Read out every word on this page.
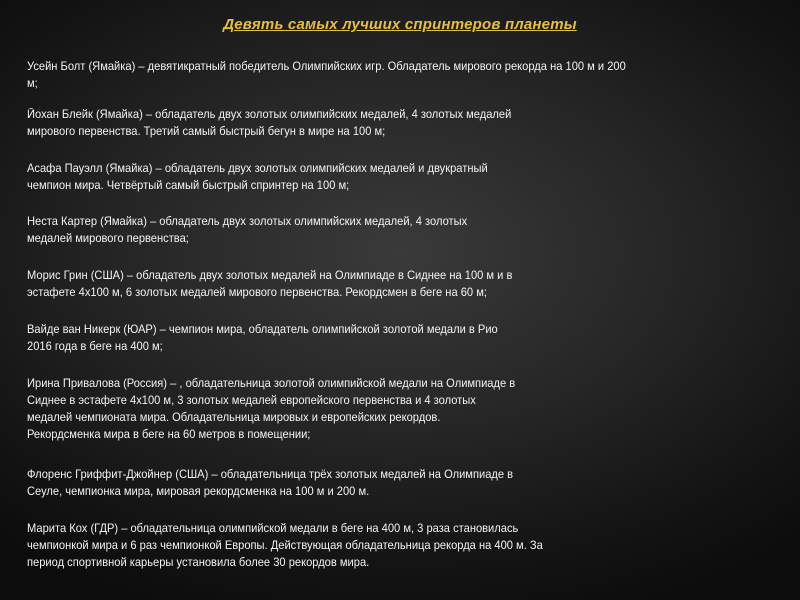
Девять самых лучших спринтеров планеты
Усейн Болт (Ямайка) – девятикратный победитель Олимпийских игр. Обладатель мирового рекорда на 100 м и 200
м;
Йохан Блейк (Ямайка) – обладатель двух золотых олимпийских медалей, 4 золотых медалей
мирового первенства. Третий самый быстрый бегун в мире на 100 м;
Асафа Пауэлл (Ямайка) – обладатель двух золотых олимпийских медалей и двукратный
чемпион мира. Четвёртый самый быстрый спринтер на 100 м;
Неста Картер (Ямайка) – обладатель двух золотых олимпийских медалей, 4 золотых
медалей мирового первенства;
Морис Грин (США) – обладатель двух золотых медалей на Олимпиаде в Сиднее на 100 м и в
эстафете 4х100 м, 6 золотых медалей мирового первенства. Рекордсмен в беге на 60 м;
Вайде ван Никерк (ЮАР) – чемпион мира, обладатель олимпийской золотой медали в Рио
2016 года в беге на 400 м;
Ирина Привалова (Россия) – , обладательница золотой олимпийской медали на Олимпиаде в
Сиднее в эстафете 4х100 м, 3 золотых медалей европейского первенства и 4 золотых
медалей чемпионата мира. Обладательница мировых и европейских рекордов.
Рекордсменка мира в беге на 60 метров в помещении;
Флоренс Гриффит-Джойнер (США) – обладательница трёх золотых медалей на Олимпиаде в
Сеуле, чемпионка мира, мировая рекордсменка на 100 м и 200 м.
Марита Кох (ГДР) – обладательница олимпийской медали в беге на 400 м, 3 раза становилась
чемпионкой мира и 6 раз чемпионкой Европы. Действующая обладательница рекорда на 400 м. За
период спортивной карьеры установила более 30 рекордов мира.
